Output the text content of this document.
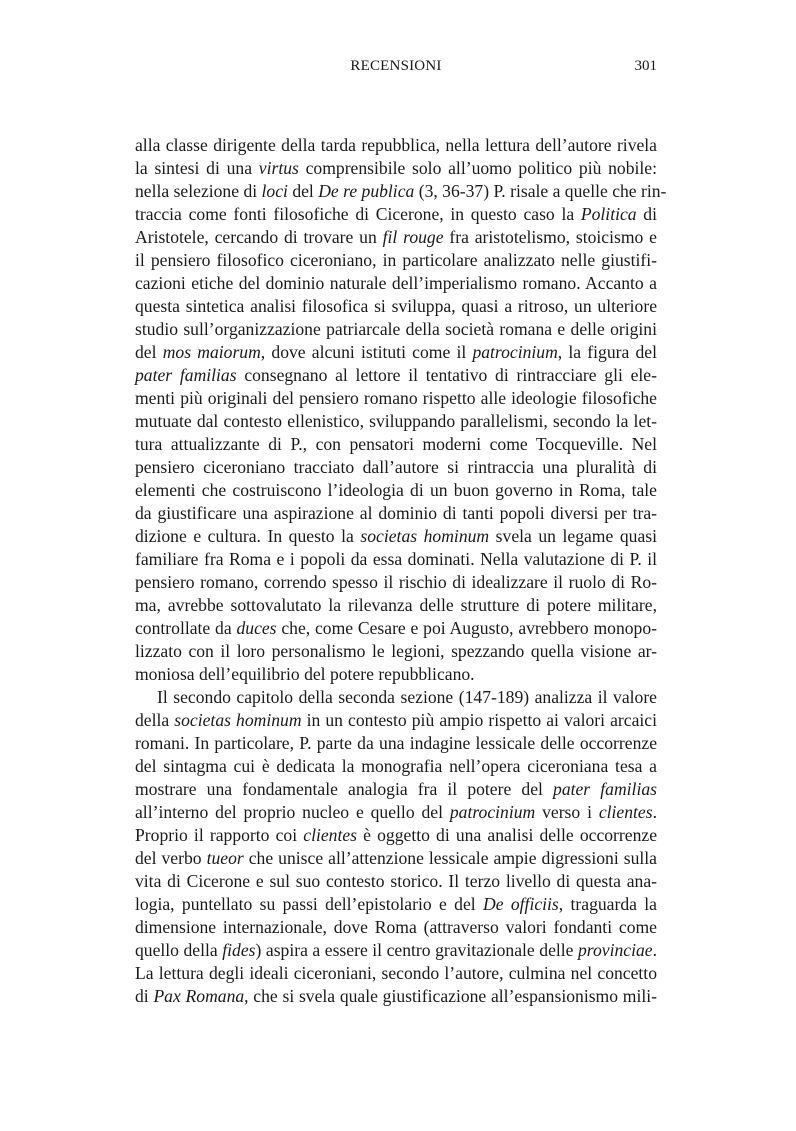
RECENSIONI	301
alla classe dirigente della tarda repubblica, nella lettura dell’autore rivela
la sintesi di una virtus comprensibile solo all’uomo politico più nobile:
nella selezione di loci del De re publica (3, 36-37) P. risale a quelle che rin-
traccia come fonti filosofiche di Cicerone, in questo caso la Politica di
Aristotele, cercando di trovare un fil rouge fra aristotelismo, stoicismo e
il pensiero filosofico ciceroniano, in particolare analizzato nelle giustifi-
cazioni etiche del dominio naturale dell’imperialismo romano. Accanto a
questa sintetica analisi filosofica si sviluppa, quasi a ritroso, un ulteriore
studio sull’organizzazione patriarcale della società romana e delle origini
del mos maiorum, dove alcuni istituti come il patrocinium, la figura del
pater familias consegnano al lettore il tentativo di rintracciare gli ele-
menti più originali del pensiero romano rispetto alle ideologie filosofiche
mutuate dal contesto ellenistico, sviluppando parallelismi, secondo la let-
tura attualizzante di P., con pensatori moderni come Tocqueville. Nel
pensiero ciceroniano tracciato dall’autore si rintraccia una pluralità di
elementi che costruiscono l’ideologia di un buon governo in Roma, tale
da giustificare una aspirazione al dominio di tanti popoli diversi per tra-
dizione e cultura. In questo la societas hominum svela un legame quasi
familiare fra Roma e i popoli da essa dominati. Nella valutazione di P. il
pensiero romano, correndo spesso il rischio di idealizzare il ruolo di Ro-
ma, avrebbe sottovalutato la rilevanza delle strutture di potere militare,
controllate da duces che, come Cesare e poi Augusto, avrebbero monopo-
lizzato con il loro personalismo le legioni, spezzando quella visione ar-
moniosa dell’equilibrio del potere repubblicano.
Il secondo capitolo della seconda sezione (147-189) analizza il valore
della societas hominum in un contesto più ampio rispetto ai valori arcaici
romani. In particolare, P. parte da una indagine lessicale delle occorrenze
del sintagma cui è dedicata la monografia nell’opera ciceroniana tesa a
mostrare una fondamentale analogia fra il potere del pater familias
all’interno del proprio nucleo e quello del patrocinium verso i clientes.
Proprio il rapporto coi clientes è oggetto di una analisi delle occorrenze
del verbo tueor che unisce all’attenzione lessicale ampie digressioni sulla
vita di Cicerone e sul suo contesto storico. Il terzo livello di questa ana-
logia, puntellato su passi dell’epistolario e del De officiis, traguarda la
dimensione internazionale, dove Roma (attraverso valori fondanti come
quello della fides) aspira a essere il centro gravitazionale delle provinciae.
La lettura degli ideali ciceroniani, secondo l’autore, culmina nel concetto
di Pax Romana, che si svela quale giustificazione all’espansionismo mili-
